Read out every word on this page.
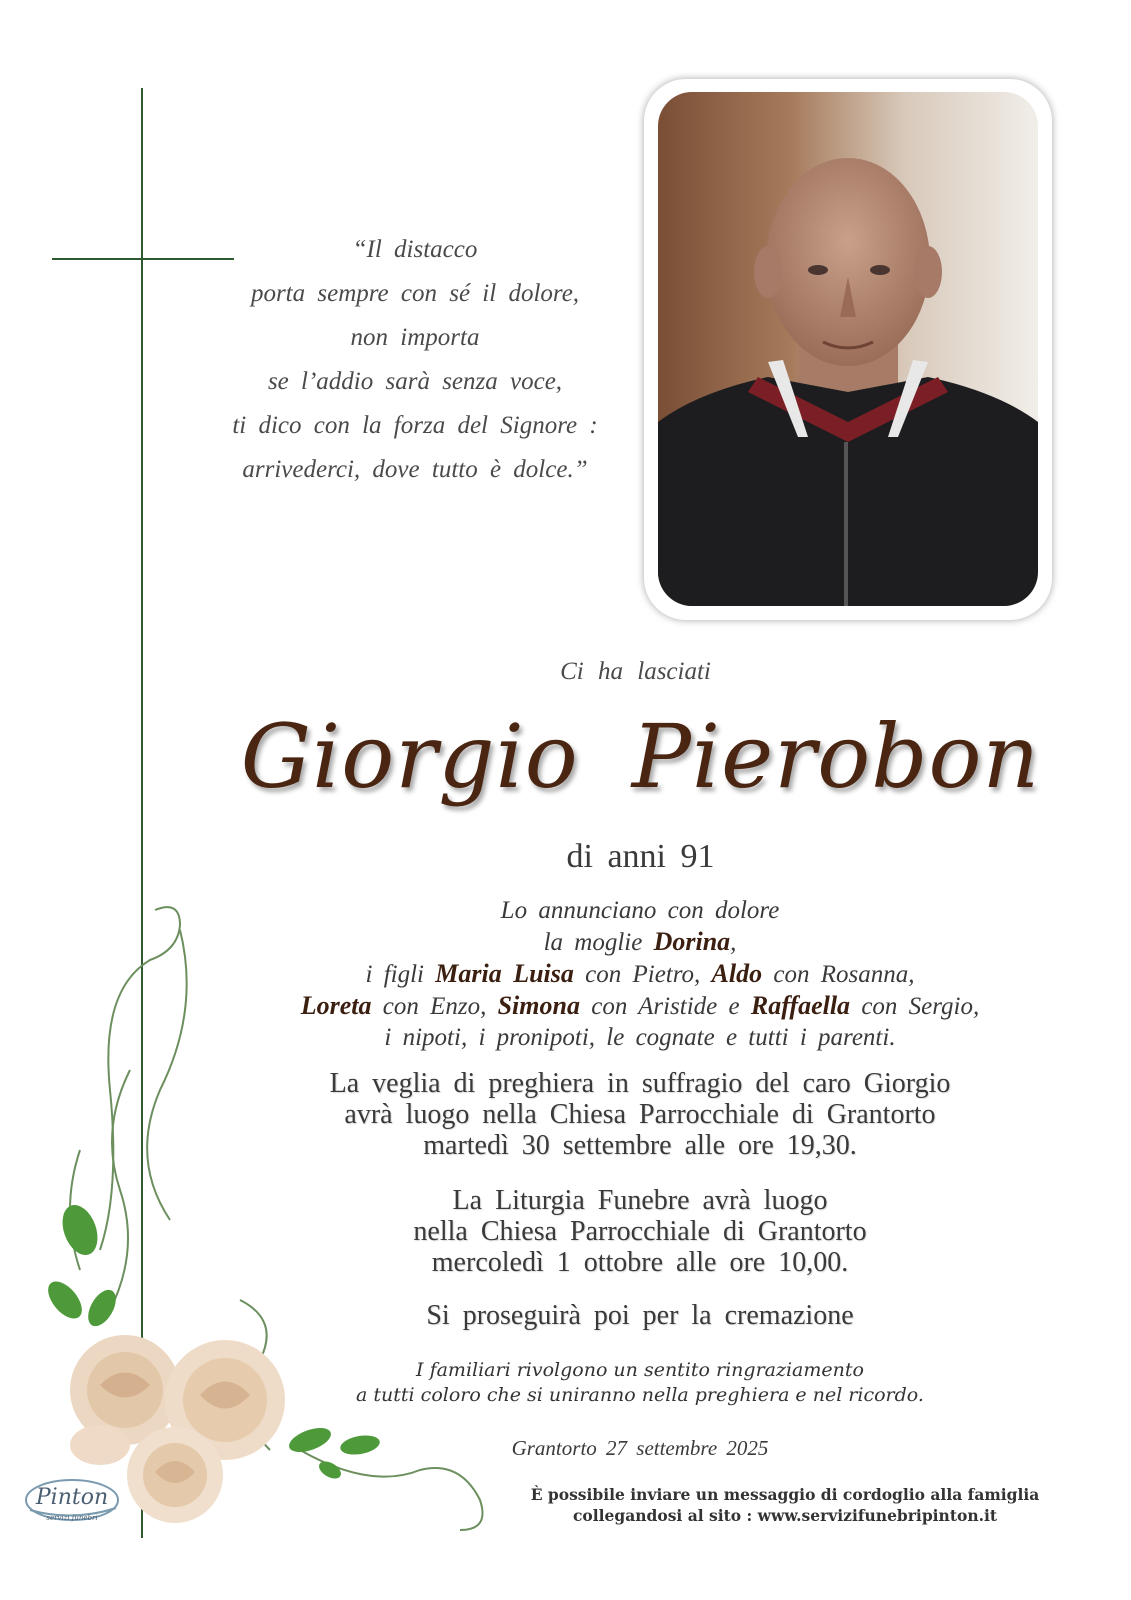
“Il distacco
porta sempre con sé il dolore,
non importa
se l’addio sarà senza voce,
ti dico con la forza del Signore :
arrivederci, dove tutto è dolce.”
Ci ha lasciati
Giorgio Pierobon
di anni 91
Lo annunciano con dolore
la moglie Dorina,
i figli Maria Luisa con Pietro, Aldo con Rosanna,
Loreta con Enzo, Simona con Aristide e Raffaella con Sergio,
i nipoti, i pronipoti, le cognate e tutti i parenti.
La veglia di preghiera in suffragio del caro Giorgio
avrà luogo nella Chiesa Parrocchiale di Grantorto
martedì 30 settembre alle ore 19,30.
La Liturgia Funebre avrà luogo
nella Chiesa Parrocchiale di Grantorto
mercoledì 1 ottobre alle ore 10,00.
Si proseguirà poi per la cremazione
I familiari rivolgono un sentito ringraziamento
a tutti coloro che si uniranno nella preghiera e nel ricordo.
Grantorto 27 settembre 2025
È possibile inviare un messaggio di cordoglio alla famiglia
collegandosi al sito : www.servizifunebripinton.it
Pinton
servizi funebri
